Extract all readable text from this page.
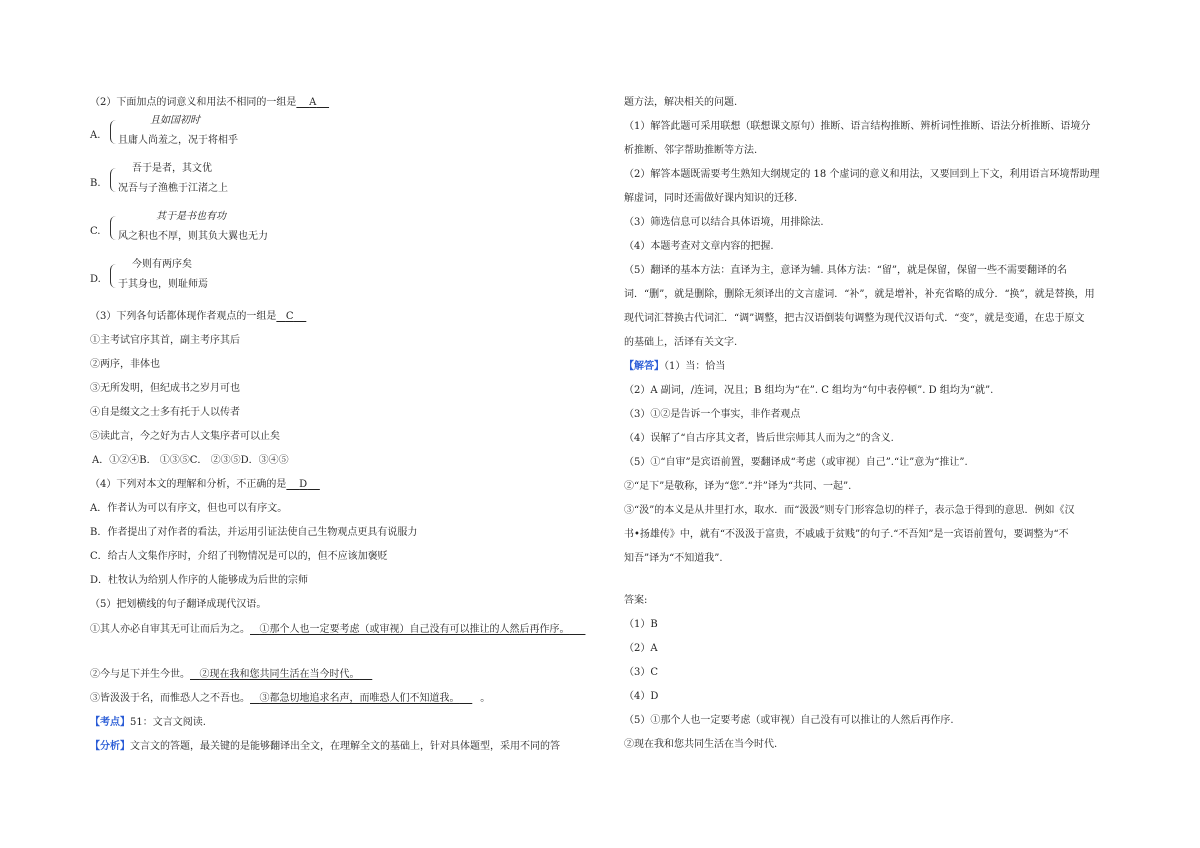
（2）下面加点的词意义和用法不相同的一组是 A
A.
且如国初时
且庸人尚羞之，况于将相乎
B.
吾于是者，其文优
况吾与子渔樵于江渚之上
C.
其于是书也有功
风之积也不厚，则其负大翼也无力
D.
今则有两序矣
于其身也，则耻师焉
（3）下列各句话都体现作者观点的一组是 C
①主考试官序其首，副主考序其后
②两序，非体也
③无所发明，但纪成书之岁月可也
④自是缀文之士多有托于人以传者
⑤读此言，今之好为古人文集序者可以止矣
A．①②④B． ①③⑤C． ②③⑤D．③④⑤
（4）下列对本文的理解和分析，不正确的是 D
A．作者认为可以有序文，但也可以有序文。
B．作者提出了对作者的看法，并运用引证法使自己生物观点更具有说服力
C．给古人文集作序时，介绍了刊物情况是可以的，但不应该加褒贬
D．杜牧认为给别人作序的人能够成为后世的宗师
（5）把划横线的句子翻译成现代汉语。
①其人亦必自审其无可让而后为之。 ①那个人也一定要考虑（或审视）自己没有可以推让的人然后再作序。
②今与足下并生今世。 ②现在我和您共同生活在当今时代。
③皆汲汲于名，而惟恐人之不吾也。 ③都急切地追求名声，而唯恐人们不知道我。 。
【考点】51：文言文阅读.
【分析】文言文的答题，最关键的是能够翻译出全文，在理解全文的基础上，针对具体题型，采用不同的答
题方法，解决相关的问题.
（1）解答此题可采用联想（联想课文原句）推断、语言结构推断、辨析词性推断、语法分析推断、语境分
析推断、邻字帮助推断等方法.
（2）解答本题既需要考生熟知大纲规定的 18 个虚词的意义和用法，又要回到上下文，利用语言环境帮助理
解虚词，同时还需做好课内知识的迁移.
（3）筛选信息可以结合具体语境，用排除法.
（4）本题考查对文章内容的把握.
（5）翻译的基本方法：直译为主，意译为辅. 具体方法：“留”，就是保留，保留一些不需要翻译的名
词．“删”，就是删除，删除无须译出的文言虚词．“补”，就是增补，补充省略的成分．“换”，就是替换，用
现代词汇替换古代词汇．“调”调整，把古汉语倒装句调整为现代汉语句式．“变”，就是变通，在忠于原文
的基础上，活译有关文字.
【解答】（1）当：恰当
（2）A 副词，/连词，况且；B 组均为“在”. C 组均为“句中表停顿”. D 组均为“就”.
（3）①②是告诉一个事实，非作者观点
（4）误解了“自古序其文者，皆后世宗师其人而为之”的含义.
（5）①“自审”是宾语前置，要翻译成“考虑（或审视）自己”.“让”意为“推让”.
②“足下”是敬称，译为“您”.“并”译为“共同、一起”.
③“汲”的本义是从井里打水，取水．而“汲汲”则专门形容急切的样子，表示急于得到的意思．例如《汉
书•扬雄传》中，就有“不汲汲于富贵，不戚戚于贫贱”的句子.“不吾知”是一宾语前置句，要调整为“不
知吾”译为“不知道我”.
答案:
（1）B
（2）A
（3）C
（4）D
（5）①那个人也一定要考虑（或审视）自己没有可以推让的人然后再作序.
②现在我和您共同生活在当今时代.
